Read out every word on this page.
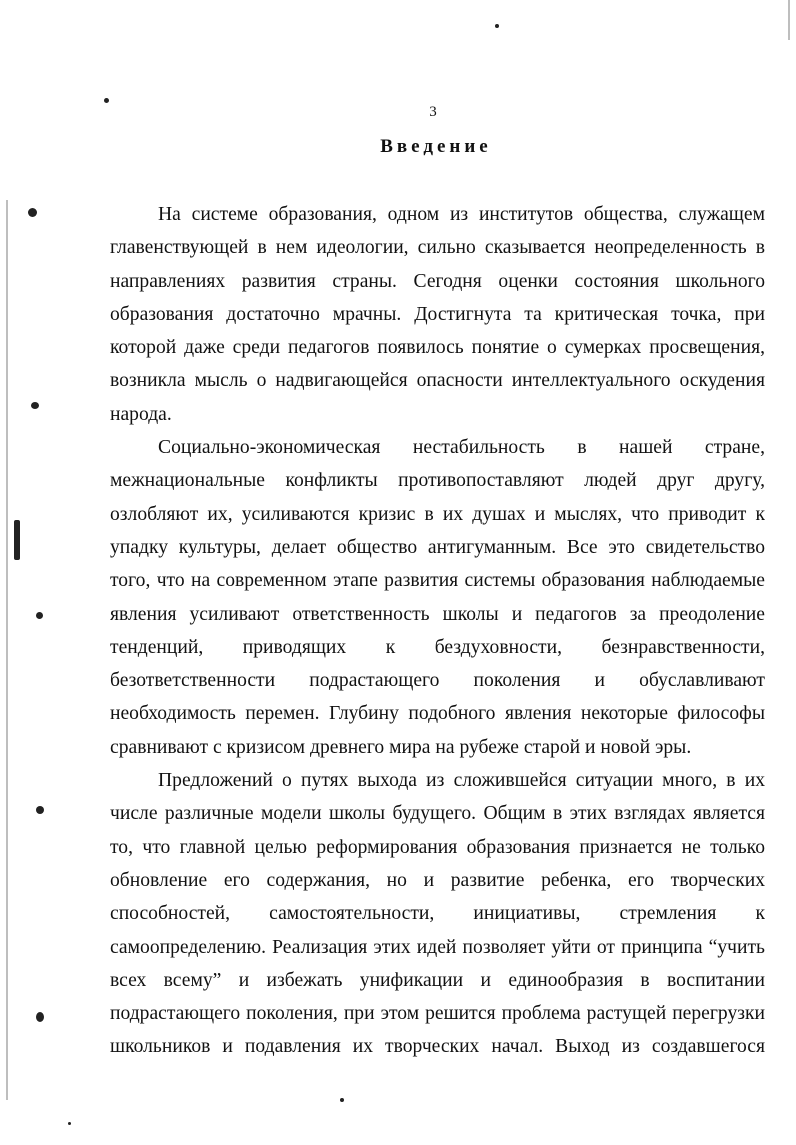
3
Введение
На системе образования, одном из институтов общества, служащем
главенствующей в нем идеологии, сильно сказывается неопределенность в
направлениях развития страны. Сегодня оценки состояния школьного
образования достаточно мрачны. Достигнута та критическая точка, при
которой даже среди педагогов появилось понятие о сумерках просвещения,
возникла мысль о надвигающейся опасности интеллектуального оскудения
народа.
Социально-экономическая нестабильность в нашей стране,
межнациональные конфликты противопоставляют людей друг другу,
озлобляют их, усиливаются кризис в их душах и мыслях, что приводит к
упадку культуры, делает общество антигуманным. Все это свидетельство
того, что на современном этапе развития системы образования наблюдаемые
явления усиливают ответственность школы и педагогов за преодоление
тенденций, приводящих к бездуховности, безнравственности,
безответственности подрастающего поколения и обуславливают
необходимость перемен. Глубину подобного явления некоторые философы
сравнивают с кризисом древнего мира на рубеже старой и новой эры.
Предложений о путях выхода из сложившейся ситуации много, в их
числе различные модели школы будущего. Общим в этих взглядах является
то, что главной целью реформирования образования признается не только
обновление его содержания, но и развитие ребенка, его творческих
способностей, самостоятельности, инициативы, стремления к
самоопределению. Реализация этих идей позволяет уйти от принципа “учить
всех всему” и избежать унификации и единообразия в воспитании
подрастающего поколения, при этом решится проблема растущей перегрузки
школьников и подавления их творческих начал. Выход из создавшегося
